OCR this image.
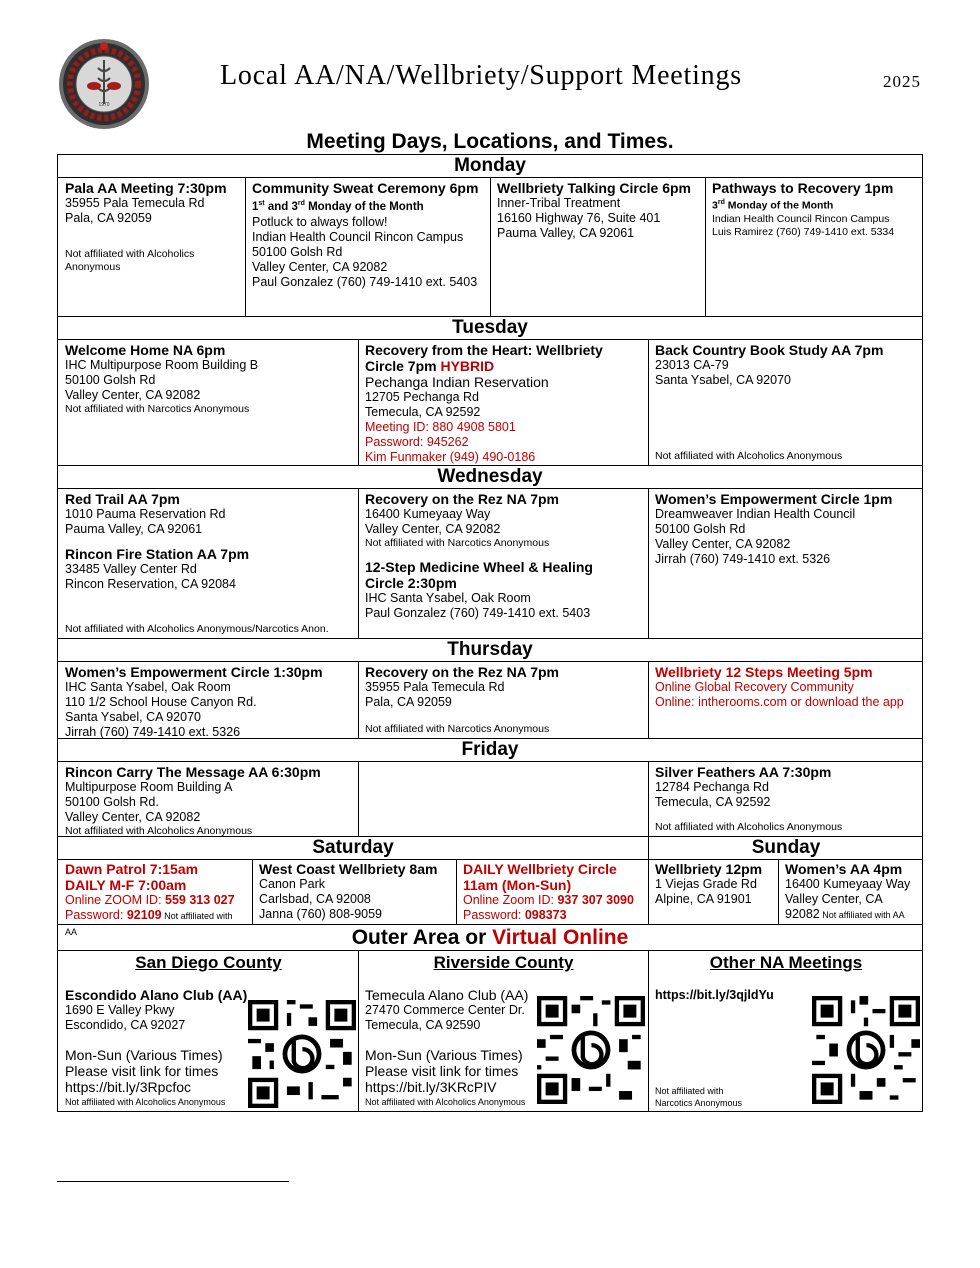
1970
Local AA/NA/Wellbriety/Support Meetings	2025
Meeting Days, Locations, and Times.
Monday
Pala AA Meeting 7:30pm
35955 Pala Temecula Rd
Pala, CA 92059
Not affiliated with Alcoholics Anonymous
Community Sweat Ceremony 6pm
1st and 3rd Monday of the Month
Potluck to always follow!
Indian Health Council Rincon Campus
50100 Golsh Rd
Valley Center, CA 92082
Paul Gonzalez (760) 749-1410 ext. 5403
Wellbriety Talking Circle 6pm
Inner-Tribal Treatment
16160 Highway 76, Suite 401
Pauma Valley, CA 92061
Pathways to Recovery 1pm
3rd Monday of the Month
Indian Health Council Rincon Campus
Luis Ramirez (760) 749-1410 ext. 5334
Tuesday
Welcome Home NA 6pm
IHC Multipurpose Room Building B
50100 Golsh Rd
Valley Center, CA 92082
Not affiliated with Narcotics Anonymous
Recovery from the Heart: Wellbriety
Circle 7pm HYBRID
Pechanga Indian Reservation
12705 Pechanga Rd
Temecula, CA 92592
Meeting ID: 880 4908 5801
Password: 945262
Kim Funmaker (949) 490-0186
Back Country Book Study AA 7pm
23013 CA-79
Santa Ysabel, CA 92070
Not affiliated with Alcoholics Anonymous
Wednesday
Red Trail AA 7pm
1010 Pauma Reservation Rd
Pauma Valley, CA 92061
Rincon Fire Station AA 7pm
33485 Valley Center Rd
Rincon Reservation, CA 92084
Not affiliated with Alcoholics Anonymous/Narcotics Anon.
Recovery on the Rez NA 7pm
16400 Kumeyaay Way
Valley Center, CA 92082
Not affiliated with Narcotics Anonymous
12-Step Medicine Wheel & Healing
Circle 2:30pm
IHC Santa Ysabel, Oak Room
Paul Gonzalez (760) 749-1410 ext. 5403
Women’s Empowerment Circle 1pm
Dreamweaver Indian Health Council
50100 Golsh Rd
Valley Center, CA 92082
Jirrah (760) 749-1410 ext. 5326
Thursday
Women’s Empowerment Circle 1:30pm
IHC Santa Ysabel, Oak Room
110 1/2 School House Canyon Rd.
Santa Ysabel, CA 92070
Jirrah (760) 749-1410 ext. 5326
Recovery on the Rez NA 7pm
35955 Pala Temecula Rd
Pala, CA 92059
Not affiliated with Narcotics Anonymous
Wellbriety 12 Steps Meeting 5pm
Online Global Recovery Community
Online: intherooms.com or download the app
Friday
Rincon Carry The Message AA 6:30pm
Multipurpose Room Building A
50100 Golsh Rd.
Valley Center, CA 92082
Not affiliated with Alcoholics Anonymous
Silver Feathers AA 7:30pm
12784 Pechanga Rd
Temecula, CA 92592
Not affiliated with Alcoholics Anonymous
Saturday	Sunday
Dawn Patrol 7:15am
DAILY M-F 7:00am
Online ZOOM ID: 559 313 027
Password: 92109 Not affiliated with AA
West Coast Wellbriety 8am
Canon Park
Carlsbad, CA 92008
Janna (760) 808-9059
DAILY Wellbriety Circle
11am (Mon-Sun)
Online Zoom ID: 937 307 3090
Password: 098373
Wellbriety 12pm
1 Viejas Grade Rd
Alpine, CA 91901
Women’s AA 4pm
16400 Kumeyaay Way
Valley Center, CA
92082 Not affiliated with AA
Outer Area or Virtual Online
San Diego County
Escondido Alano Club (AA)
1690 E Valley Pkwy
Escondido, CA 92027
Mon-Sun (Various Times)
Please visit link for times
https://bit.ly/3Rpcfoc
Not affiliated with Alcoholics Anonymous
Riverside County
Temecula Alano Club (AA)
27470 Commerce Center Dr.
Temecula, CA 92590
Mon-Sun (Various Times)
Please visit link for times
https://bit.ly/3KRcPIV
Not affiliated with Alcoholics Anonymous
Other NA Meetings
https://bit.ly/3qjldYu
Not affiliated with
Narcotics Anonymous
